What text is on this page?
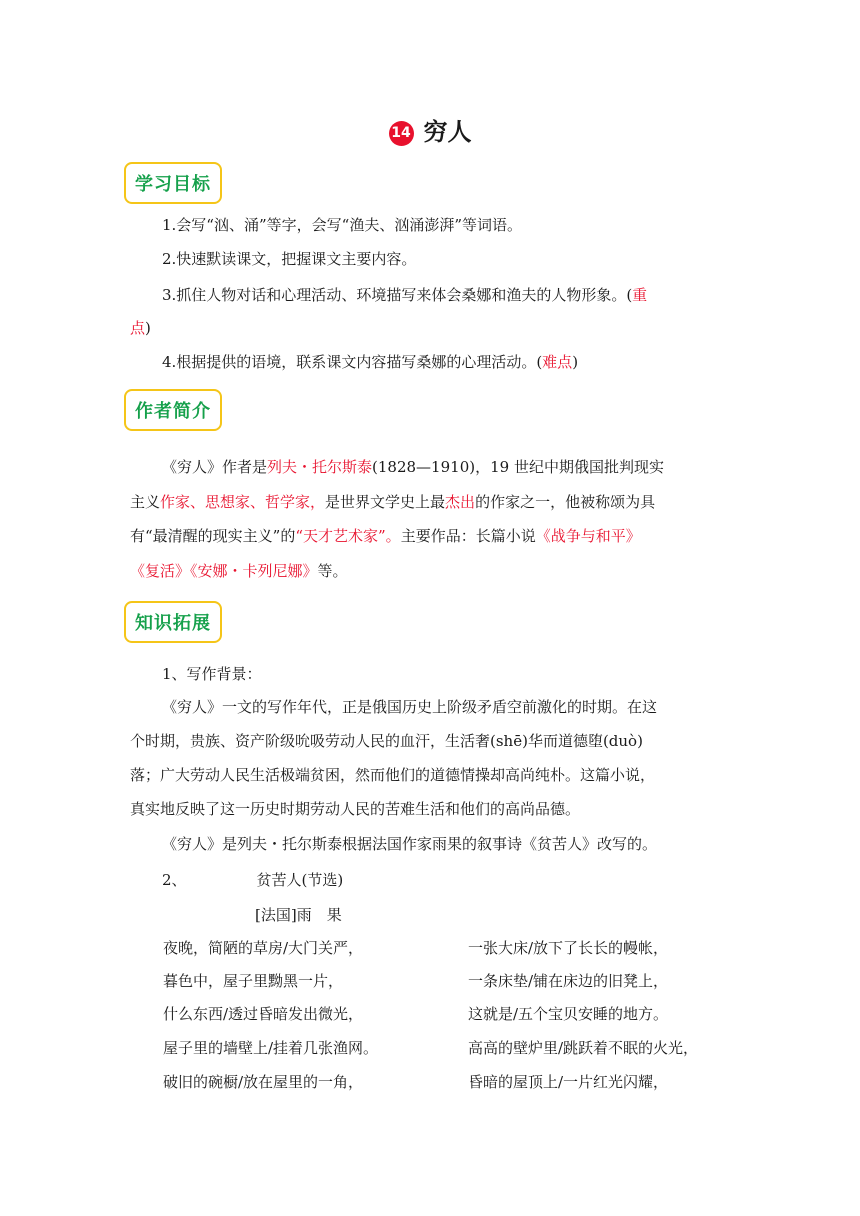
14 穷人
学习目标
1.会写“汹、涌”等字，会写“渔夫、汹涌澎湃”等词语。
2.快速默读课文，把握课文主要内容。
3.抓住人物对话和心理活动、环境描写来体会桑娜和渔夫的人物形象。(重
点)
4.根据提供的语境，联系课文内容描写桑娜的心理活动。(难点)
作者简介
《穷人》作者是列夫・托尔斯泰(1828—1910)，19 世纪中期俄国批判现实
主义作家、思想家、哲学家，是世界文学史上最杰出的作家之一，他被称颂为具
有“最清醒的现实主义”的“天才艺术家”。主要作品：长篇小说《战争与和平》
《复活》《安娜・卡列尼娜》等。
知识拓展
1、写作背景：
《穷人》一文的写作年代，正是俄国历史上阶级矛盾空前激化的时期。在这
个时期，贵族、资产阶级吮吸劳动人民的血汗，生活奢(shē)华而道德堕(duò)
落；广大劳动人民生活极端贫困，然而他们的道德情操却高尚纯朴。这篇小说，
真实地反映了这一历史时期劳动人民的苦难生活和他们的高尚品德。
《穷人》是列夫・托尔斯泰根据法国作家雨果的叙事诗《贫苦人》改写的。
2、	贫苦人(节选)
[法国]雨　果
夜晚，简陋的草房/大门关严，
暮色中，屋子里黝黑一片，
什么东西/透过昏暗发出微光，
屋子里的墙壁上/挂着几张渔网。
破旧的碗橱/放在屋里的一角，
一张大床/放下了长长的幔帐，
一条床垫/铺在床边的旧凳上，
这就是/五个宝贝安睡的地方。
高高的壁炉里/跳跃着不眠的火光，
昏暗的屋顶上/一片红光闪耀，
